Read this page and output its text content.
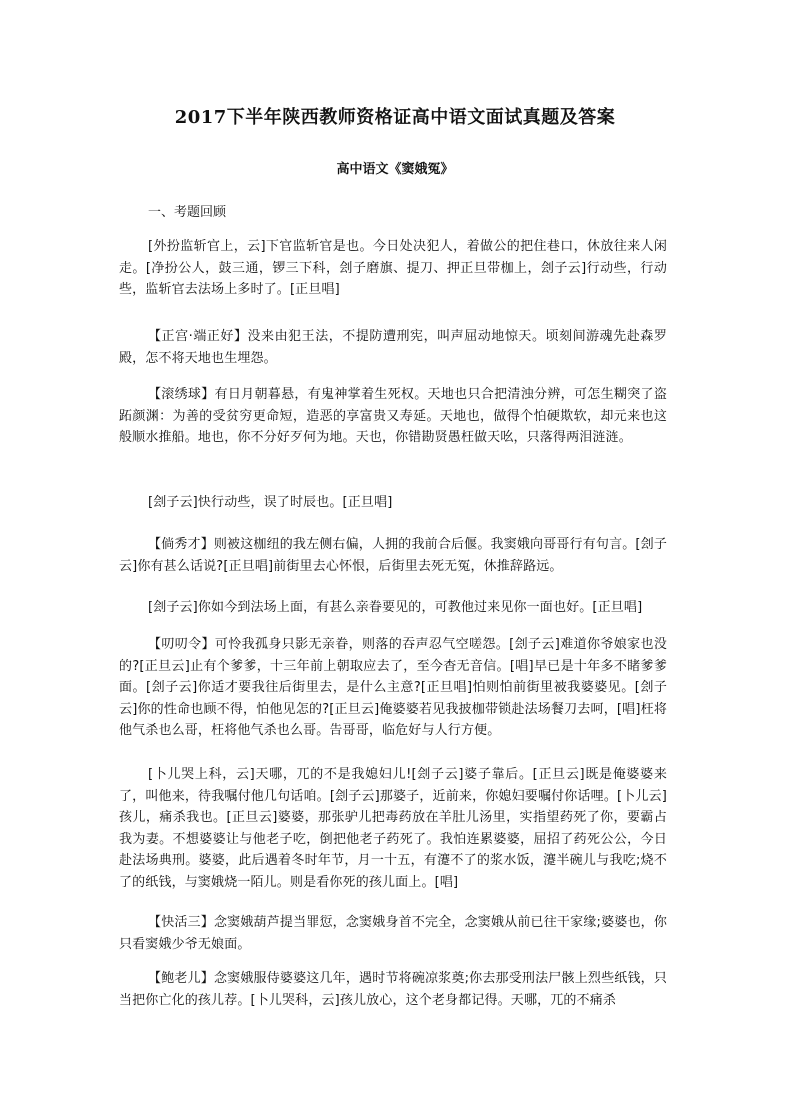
2017下半年陕西教师资格证高中语文面试真题及答案
高中语文《窦娥冤》
一、考题回顾

[外扮监斩官上，云]下官监斩官是也。今日处决犯人，着做公的把住巷口，休放往来人闲走。[净扮公人，鼓三通，锣三下科，刽子磨旗、提刀、押正旦带枷上，刽子云]行动些，行动些，监斩官去法场上多时了。[正旦唱]

【正宫·端正好】没来由犯王法，不提防遭刑宪，叫声屈动地惊天。顷刻间游魂先赴森罗殿，怎不将天地也生埋怨。

【滚绣球】有日月朝暮悬，有鬼神掌着生死权。天地也只合把清浊分辨，可怎生糊突了盗跖颜渊：为善的受贫穷更命短，造恶的享富贵又寿延。天地也，做得个怕硬欺软，却元来也这般顺水推船。地也，你不分好歹何为地。天也，你错勘贤愚枉做天吆，只落得两泪涟涟。

[刽子云]快行动些，误了时辰也。[正旦唱]

【倘秀才】则被这枷纽的我左侧右偏，人拥的我前合后偃。我窦娥向哥哥行有句言。[刽子云]你有甚么话说?[正旦唱]前街里去心怀恨，后街里去死无冤，休推辞路远。

[刽子云]你如今到法场上面，有甚么亲眷要见的，可教他过来见你一面也好。[正旦唱]

【叨叨令】可怜我孤身只影无亲眷，则落的吞声忍气空嗟怨。[刽子云]难道你爷娘家也没的?[正旦云]止有个爹爹，十三年前上朝取应去了，至今杳无音信。[唱]早已是十年多不睹爹爹面。[刽子云]你适才要我往后街里去，是什么主意?[正旦唱]怕则怕前街里被我婆婆见。[刽子云]你的性命也顾不得，怕他见怎的?[正旦云]俺婆婆若见我披枷带锁赴法场餐刀去呵，[唱]枉将他气杀也么哥，枉将他气杀也么哥。告哥哥，临危好与人行方便。

[卜儿哭上科，云]天哪，兀的不是我媳妇儿![刽子云]婆子靠后。[正旦云]既是俺婆婆来了，叫他来，待我嘱付他几句话咱。[刽子云]那婆子，近前来，你媳妇要嘱付你话哩。[卜儿云]孩儿，痛杀我也。[正旦云]婆婆，那张驴儿把毒药放在羊肚儿汤里，实指望药死了你，要霸占我为妻。不想婆婆让与他老子吃，倒把他老子药死了。我怕连累婆婆，屈招了药死公公，今日赴法场典刑。婆婆，此后遇着冬时年节，月一十五，有瀽不了的浆水饭，瀽半碗儿与我吃;烧不了的纸钱，与窦娥烧一陌儿。则是看你死的孩儿面上。[唱]

【快活三】念窦娥葫芦提当罪愆，念窦娥身首不完全，念窦娥从前已往干家缘;婆婆也，你只看窦娥少爷无娘面。

【鲍老儿】念窦娥服侍婆婆这几年，遇时节将碗凉浆奠;你去那受刑法尸骸上烈些纸钱，只当把你亡化的孩儿荐。[卜儿哭科，云]孩儿放心，这个老身都记得。天哪，兀的不痛杀
